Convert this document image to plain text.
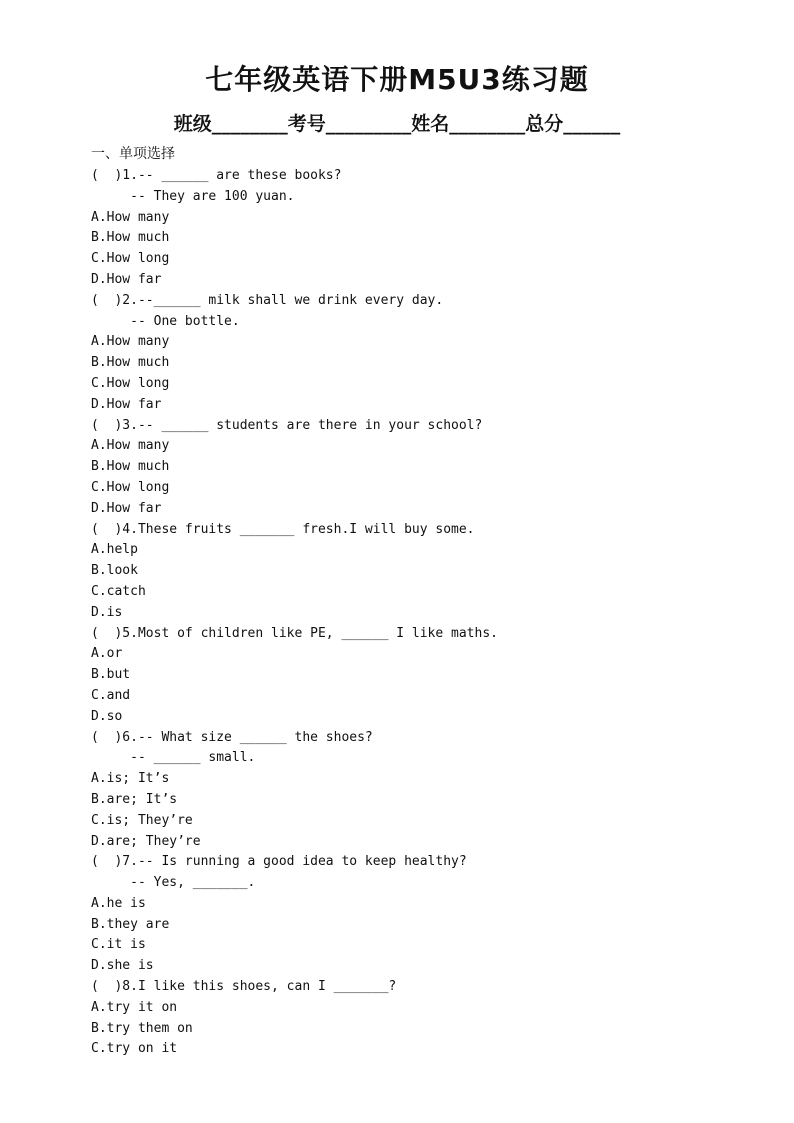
七年级英语下册M5U3练习题
班级________考号_________姓名________总分______
一、单项选择
(  )1.-- ______ are these books?
-- They are 100 yuan.
A.How many
B.How much
C.How long
D.How far
(  )2.--______ milk shall we drink every day.
-- One bottle.
A.How many
B.How much
C.How long
D.How far
(  )3.-- ______ students are there in your school?
A.How many
B.How much
C.How long
D.How far
(  )4.These fruits _______ fresh.I will buy some.
A.help
B.look
C.catch
D.is
(  )5.Most of children like PE, ______ I like maths.
A.or
B.but
C.and
D.so
(  )6.-- What size ______ the shoes?
-- ______ small.
A.is; It’s
B.are; It’s
C.is; They’re
D.are; They’re
(  )7.-- Is running a good idea to keep healthy?
-- Yes, _______.
A.he is
B.they are
C.it is
D.she is
(  )8.I like this shoes, can I _______?
A.try it on
B.try them on
C.try on it
